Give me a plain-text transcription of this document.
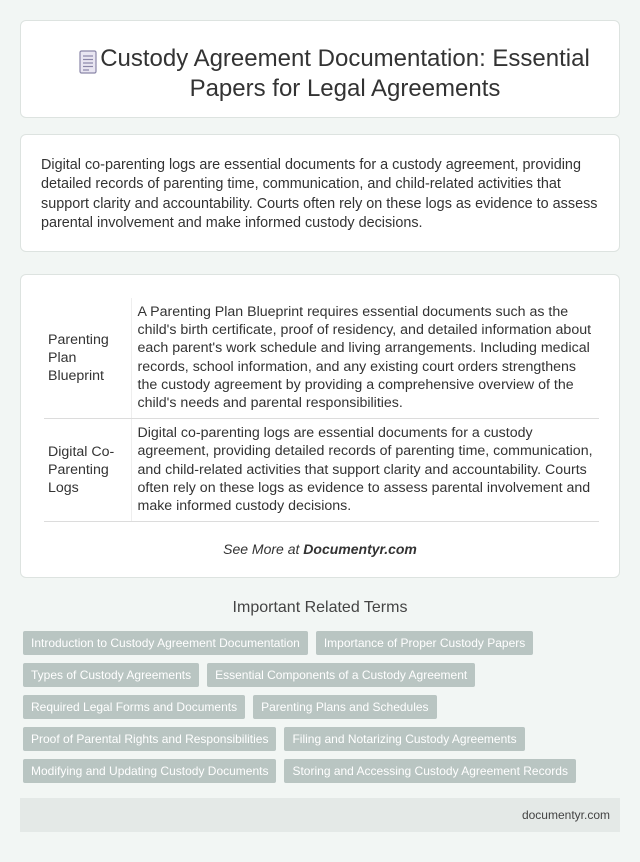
Custody Agreement Documentation: Essential Papers for Legal Agreements

Digital co-parenting logs are essential documents for a custody agreement, providing detailed records of parenting time, communication, and child-related activities that support clarity and accountability. Courts often rely on these logs as evidence to assess parental involvement and make informed custody decisions.

Parenting Plan Blueprint	A Parenting Plan Blueprint requires essential documents such as the child's birth certificate, proof of residency, and detailed information about each parent's work schedule and living arrangements. Including medical records, school information, and any existing court orders strengthens the custody agreement by providing a comprehensive overview of the child's needs and parental responsibilities.
Digital Co-Parenting Logs	Digital co-parenting logs are essential documents for a custody agreement, providing detailed records of parenting time, communication, and child-related activities that support clarity and accountability. Courts often rely on these logs as evidence to assess parental involvement and make informed custody decisions.
See More at Documentyr.com
Important Related Terms
Introduction to Custody Agreement Documentation	Importance of Proper Custody Papers
Types of Custody Agreements	Essential Components of a Custody Agreement
Required Legal Forms and Documents	Parenting Plans and Schedules
Proof of Parental Rights and Responsibilities	Filing and Notarizing Custody Agreements
Modifying and Updating Custody Documents	Storing and Accessing Custody Agreement Records
documentyr.com
